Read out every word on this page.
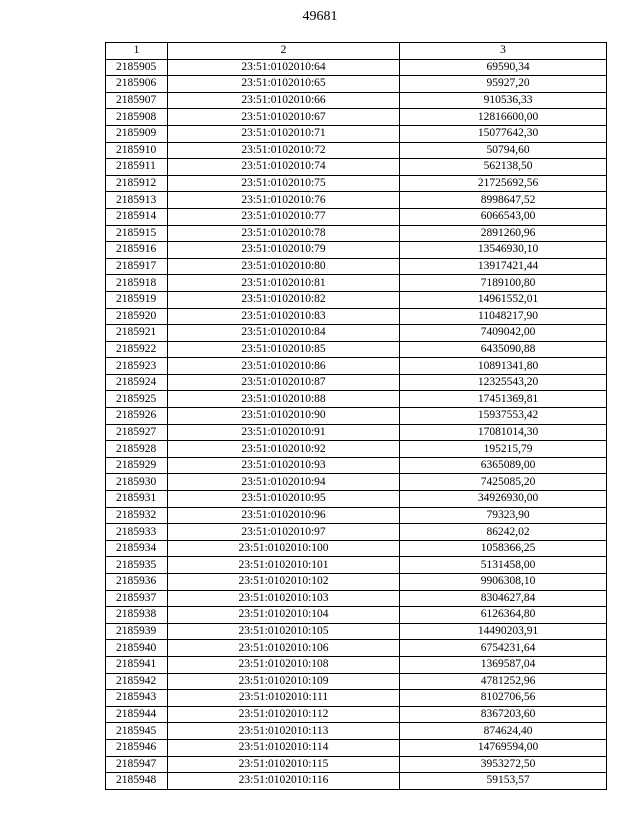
49681
1	2	3
2185905	23:51:0102010:64	69590,34
2185906	23:51:0102010:65	95927,20
2185907	23:51:0102010:66	910536,33
2185908	23:51:0102010:67	12816600,00
2185909	23:51:0102010:71	15077642,30
2185910	23:51:0102010:72	50794,60
2185911	23:51:0102010:74	562138,50
2185912	23:51:0102010:75	21725692,56
2185913	23:51:0102010:76	8998647,52
2185914	23:51:0102010:77	6066543,00
2185915	23:51:0102010:78	2891260,96
2185916	23:51:0102010:79	13546930,10
2185917	23:51:0102010:80	13917421,44
2185918	23:51:0102010:81	7189100,80
2185919	23:51:0102010:82	14961552,01
2185920	23:51:0102010:83	11048217,90
2185921	23:51:0102010:84	7409042,00
2185922	23:51:0102010:85	6435090,88
2185923	23:51:0102010:86	10891341,80
2185924	23:51:0102010:87	12325543,20
2185925	23:51:0102010:88	17451369,81
2185926	23:51:0102010:90	15937553,42
2185927	23:51:0102010:91	17081014,30
2185928	23:51:0102010:92	195215,79
2185929	23:51:0102010:93	6365089,00
2185930	23:51:0102010:94	7425085,20
2185931	23:51:0102010:95	34926930,00
2185932	23:51:0102010:96	79323,90
2185933	23:51:0102010:97	86242,02
2185934	23:51:0102010:100	1058366,25
2185935	23:51:0102010:101	5131458,00
2185936	23:51:0102010:102	9906308,10
2185937	23:51:0102010:103	8304627,84
2185938	23:51:0102010:104	6126364,80
2185939	23:51:0102010:105	14490203,91
2185940	23:51:0102010:106	6754231,64
2185941	23:51:0102010:108	1369587,04
2185942	23:51:0102010:109	4781252,96
2185943	23:51:0102010:111	8102706,56
2185944	23:51:0102010:112	8367203,60
2185945	23:51:0102010:113	874624,40
2185946	23:51:0102010:114	14769594,00
2185947	23:51:0102010:115	3953272,50
2185948	23:51:0102010:116	59153,57
